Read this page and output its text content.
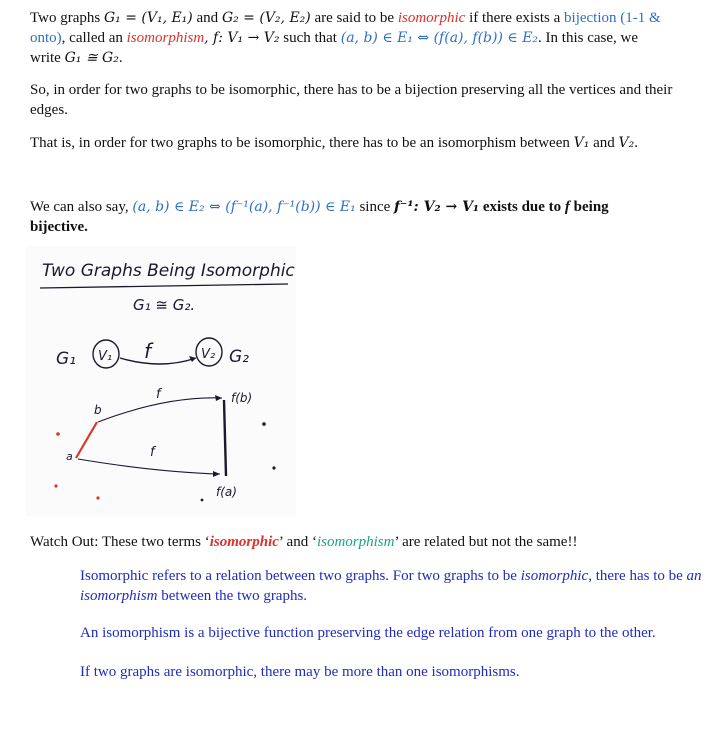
Two graphs G₁ = (V₁, E₁) and G₂ = (V₂, E₂) are said to be isomorphic if there exists a bijection (1-1 &
onto), called an isomorphism, f: V₁ → V₂ such that (a, b) ∈ E₁ ⇔ (f(a), f(b)) ∈ E₂. In this case, we
write G₁ ≅ G₂.

So, in order for two graphs to be isomorphic, there has to be a bijection preserving all the vertices and their edges.

That is, in order for two graphs to be isomorphic, there has to be an isomorphism between V₁ and V₂.

We can also say, (a, b) ∈ E₂ ⇔ (f⁻¹(a), f⁻¹(b)) ∈ E₁ since f⁻¹: V₂ → V₁ exists due to f being
bijective.

Two Graphs Being Isomorphic
G₁ ≅ G₂.
G₁ V₁ f	V₂ G₂
b
a
f
f
f(b)
f(a)

Watch Out: These two terms ‘isomorphic’ and ‘isomorphism’ are related but not the same!!

Isomorphic refers to a relation between two graphs. For two graphs to be isomorphic, there has to be an isomorphism between the two graphs.

An isomorphism is a bijective function preserving the edge relation from one graph to the other.

If two graphs are isomorphic, there may be more than one isomorphisms.
